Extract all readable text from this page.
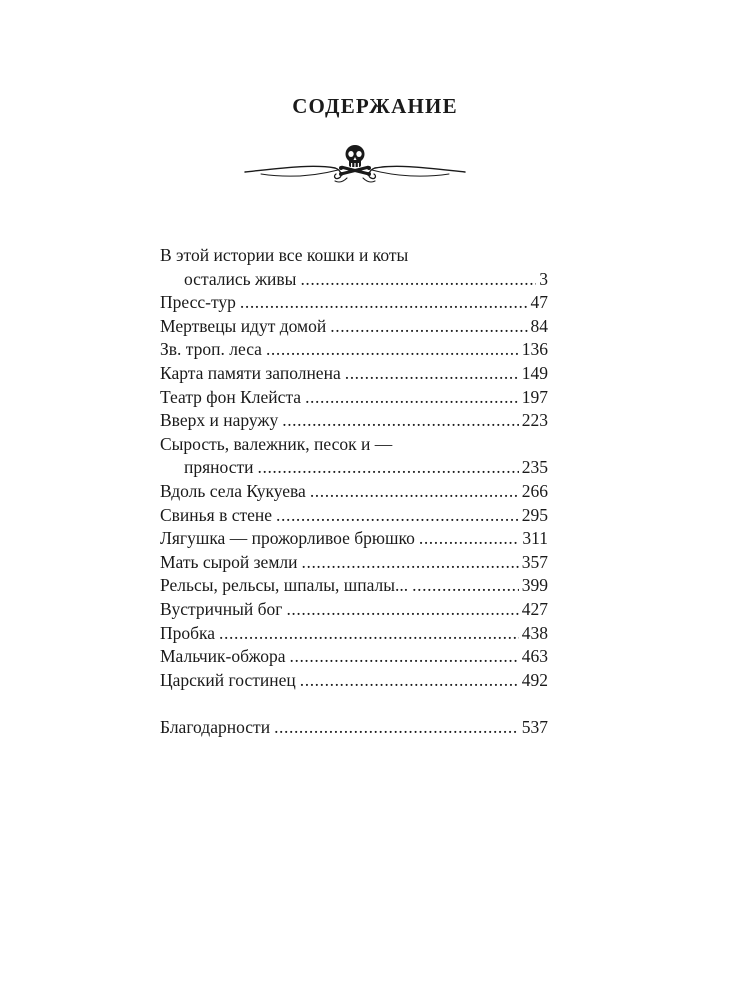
СОДЕРЖАНИЕ
В этой истории все кошки и коты
остались живы .....	3
Пресс-тур .....	47
Мертвецы идут домой .....	84
Зв. троп. леса .....	136
Карта памяти заполнена .....	149
Театр фон Клейста .....	197
Вверх и наружу .....	223
Сырость, валежник, песок и —
пряности .....	235
Вдоль села Кукуева .....	266
Свинья в стене .....	295
Лягушка — прожорливое брюшко .....	311
Мать сырой земли .....	357
Рельсы, рельсы, шпалы, шпалы... .....	399
Вустричный бог .....	427
Пробка .....	438
Мальчик-обжора .....	463
Царский гостинец .....	492
Благодарности .....	537
